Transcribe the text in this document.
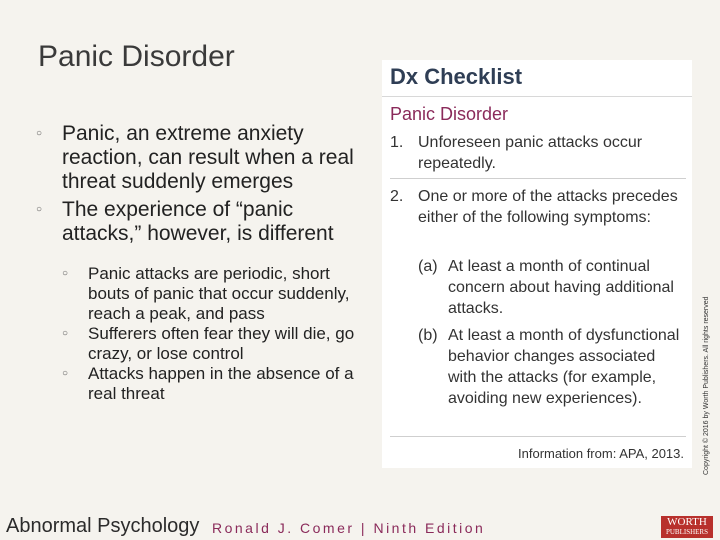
Panic Disorder
○ Panic, an extreme anxiety reaction, can result when a real threat suddenly emerges
○ The experience of “panic attacks,” however, is different
○	Panic attacks are periodic, short bouts of panic that occur suddenly, reach a peak, and pass
○	Sufferers often fear they will die, go crazy, or lose control
○	Attacks happen in the absence of a real threat
Dx Checklist
Panic Disorder
1. Unforeseen panic attacks occur repeatedly.
2. One or more of the attacks precedes either of the following symptoms:
(a) At least a month of continual concern about having additional attacks.
(b) At least a month of dysfunctional behavior changes associated with the attacks (for example, avoiding new experiences).
Information from: APA, 2013.	Copyright © 2016 by Worth Publishers. All rights reserved
Abnormal Psychology Ronald J. Comer | Ninth Edition	WORTH
PUBLISHERS
